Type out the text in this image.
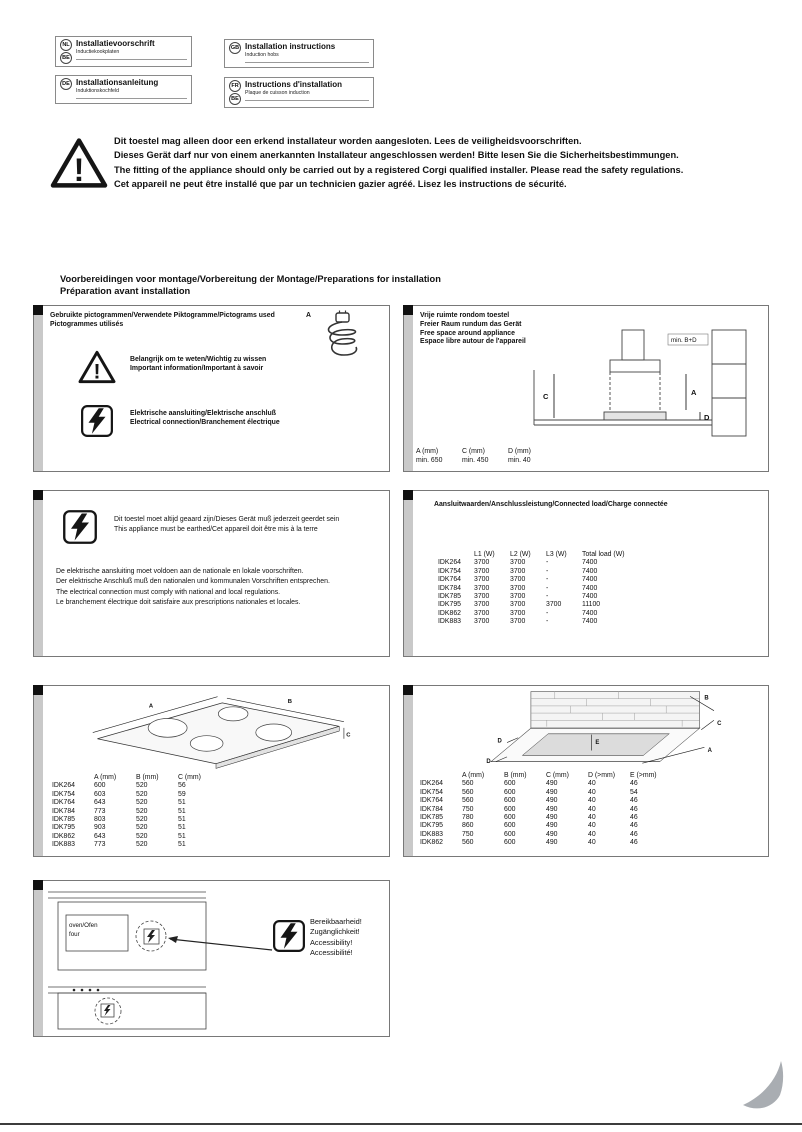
NL
BE
Installatievoorschrift
Inductiekookplaten
GB Installation instructions
Induction hobs
DE Installationsanleitung
Induktionskochfeld
FR
BE
Instructions d'installation
Plaque de cuisson induction
!
Dit toestel mag alleen door een erkend installateur worden aangesloten. Lees de veiligheidsvoorschriften.
Dieses Gerät darf nur von einem anerkannten Installateur angeschlossen werden! Bitte lesen Sie die Sicherheitsbestimmungen.
The fitting of the appliance should only be carried out by a registered Corgi qualified installer. Please read the safety regulations.
Cet appareil ne peut être installé que par un technicien gazier agréé. Lisez les instructions de sécurité.
Voorbereidingen voor montage/Vorbereitung der Montage/Preparations for installation
Préparation avant installation
Gebruikte pictogrammen/Verwendete Piktogramme/Pictograms used
Pictogrammes utilisés
A
!
Belangrijk om te weten/Wichtig zu wissen
Important information/Important à savoir
Elektrische aansluiting/Elektrische anschluß
Electrical connection/Branchement électrique
Vrije ruimte rondom toestel
Freier Raum rundum das Gerät
Free space around appliance
Espace libre autour de l'appareil	min. B+D
A
C
D
A (mm)	C (mm)	D (mm)
min. 650	min. 450	min. 40
Dit toestel moet altijd geaard zijn/Dieses Gerät muß jederzeit geerdet sein
This appliance must be earthed/Cet appareil doit être mis à la terre
De elektrische aansluiting moet voldoen aan de nationale en lokale voorschriften.
Der elektrische Anschluß muß den nationalen und kommunalen Vorschriften entsprechen.
The electrical connection must comply with national and local regulations.
Le branchement électrique doit satisfaire aux prescriptions nationales et locales.
Aansluitwaarden/Anschlussleistung/Connected load/Charge connectée
	L1 (W)	L2 (W)	L3 (W)	Total load (W)
IDK264	3700	3700	-	7400
IDK754	3700	3700	-	7400
IDK764	3700	3700	-	7400
IDK784	3700	3700	-	7400
IDK785	3700	3700	-	7400
IDK795	3700	3700	3700	11100
IDK862	3700	3700	-	7400
IDK883	3700	3700	-	7400
A
B
C
	A (mm)	B (mm)	C (mm)
IDK264	600	520	56
IDK754	603	520	59
IDK764	643	520	51
IDK784	773	520	51
IDK785	803	520	51
IDK795	903	520	51
IDK862	643	520	51
IDK883	773	520	51
B
C
A
E
D
D
	A (mm)	B (mm)	C (mm)	D (>mm)	E (>mm)
IDK264	560	600	490	40	46
IDK754	560	600	490	40	54
IDK764	560	600	490	40	46
IDK784	750	600	490	40	46
IDK785	780	600	490	40	46
IDK795	860	600	490	40	46
IDK883	750	600	490	40	46
IDK862	560	600	490	40	46
oven/Ofen
four
Bereikbaarheid!
Zugänglichkeit!
Accessibility!
Accessibilité!
